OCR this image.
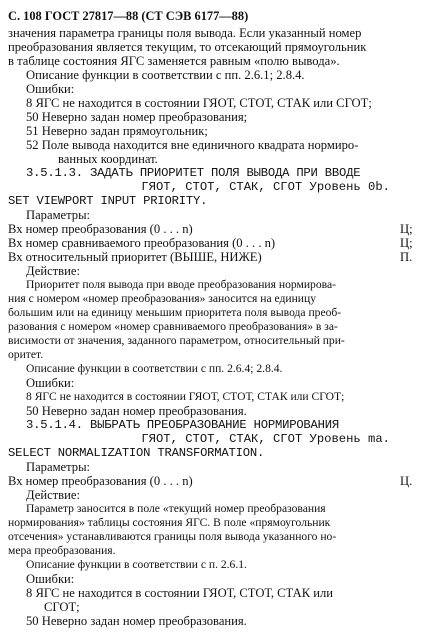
С. 108 ГОСТ 27817—88 (СТ СЭВ 6177—88)
значения параметра границы поля вывода. Если указанный номер
преобразования является текущим, то отсекающий прямоугольник
в таблице состояния ЯГС заменяется равным «полю вывода».
Описание функции в соответствии с пп. 2.6.1; 2.8.4.
Ошибки:
8 ЯГС не находится в состоянии ГЯОТ, СТОТ, СТАК или СГОТ;
50 Неверно задан номер преобразования;
51 Неверно задан прямоугольник;
52 Поле вывода находится вне единичного квадрата нормиро-
ванных координат.
3.5.1.3. ЗАДАТЬ ПРИОРИТЕТ ПОЛЯ ВЫВОДА ПРИ ВВОДЕ
ГЯОТ, СТОТ, СТАК, СГОТ Уровень 0b.
SET VIEWPORT INPUT PRIORITY.
Параметры:
Вх номер преобразования (0 . . . n)	Ц;
Вх номер сравниваемого преобразования (0 . . . n)	Ц;
Вх относительный приоритет (ВЫШЕ, НИЖЕ)	П.
Действие:
Приоритет поля вывода при вводе преобразования нормирова-
ния с номером «номер преобразования» заносится на единицу
большим или на единицу меньшим приоритета поля вывода преоб-
разования с номером «номер сравниваемого преобразования» в за-
висимости от значения, заданного параметром, относительный при-
оритет.
Описание функции в соответствии с пп. 2.6.4; 2.8.4.
Ошибки:
8 ЯГС не находится в состоянии ГЯОТ, СТОТ, СТАК или СГОТ;
50 Неверно задан номер преобразования.
3.5.1.4. ВЫБРАТЬ ПРЕОБРАЗОВАНИЕ НОРМИРОВАНИЯ
ГЯОТ, СТОТ, СТАК, СГОТ Уровень ma.
SELECT NORMALIZATION TRANSFORMATION.
Параметры:
Вх номер преобразования (0 . . . n)	Ц.
Действие:
Параметр заносится в поле «текущий номер преобразования
нормирования» таблицы состояния ЯГС. В поле «прямоугольник
отсечения» устанавливаются границы поля вывода указанного но-
мера преобразования.
Описание функции в соответствии с п. 2.6.1.
Ошибки:
8 ЯГС не находится в состоянии ГЯОТ, СТОТ, СТАК или
СГОТ;
50 Неверно задан номер преобразования.
